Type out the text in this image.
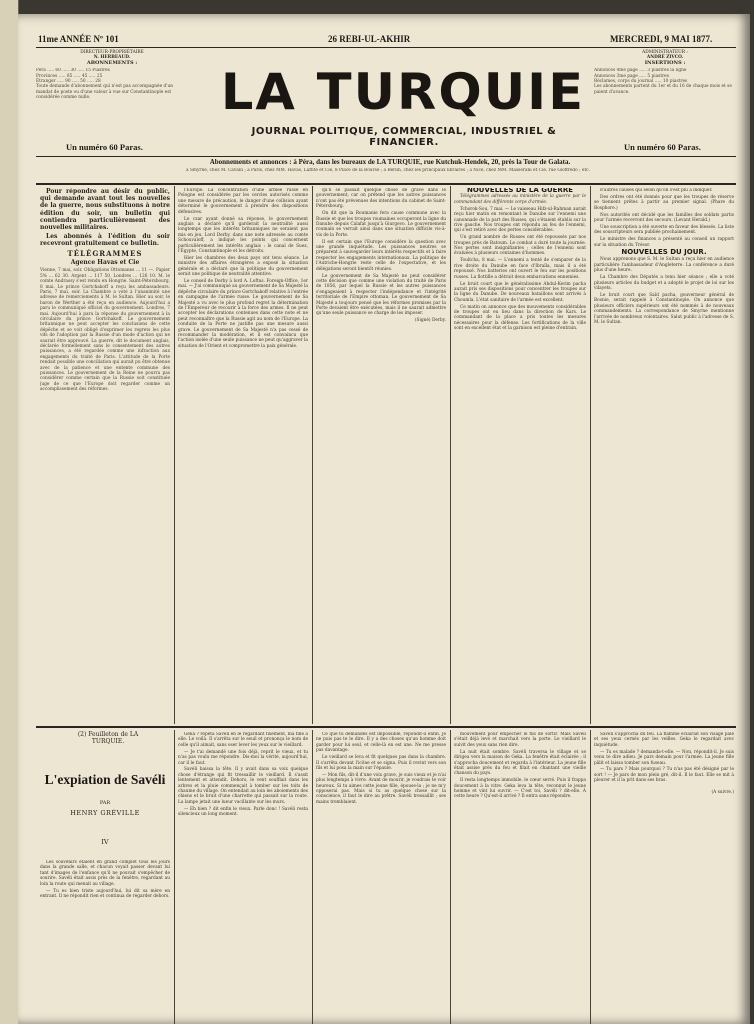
11me ANNÉE Nº 101	26 REBI-UL-AKHIR	MERCREDI, 9 MAI 1877.
DIRECTEUR-PROPRIÉTAIRE
N. HERBEAUD.
ABONNEMENTS :
Péra ..... 60 ..... 30 ..... 15 Piastres
Provinces ..... 85 ..... 45 ..... 25
Étranger ..... 90 ..... 50 ..... 28
Toute demande d'abonnement qui n'est pas accompagnée d'un mandat de poste ou d'une valeur à vue sur Constantinople est considérée comme nulle.
Un numéro 60 Paras.
LA TURQUIE
JOURNAL POLITIQUE, COMMERCIAL, INDUSTRIEL & FINANCIER.
ADMINISTRATEUR :
ANDRÉ ZIVCO.
INSERTIONS :
Annonces 4me page ..... 3 piastres la ligne
Annonces 3me page ..... 5 piastres
Réclames, corps du journal ..... 10 piastres
Les abonnements partent du 1er et du 16 de chaque mois et se paient d'avance.
Un numéro 60 Paras.
Abonnements et annonces : à Péra, dans les bureaux de LA TURQUIE, rue Kutchuk-Hendek, 20, près la Tour de Galata.
à Smyrne, chez M. Cavalli ; à Paris, chez MM. Havas, Laffite et Cie, 8 Place de la Bourse ; à Berlin, chez les principaux libraires ; à Nice, chez MM. Masserani et Cie, rue Gioffredo ; etc.

Pour répondre au désir du public, qui demande avant tout les nouvelles de la guerre, nous substituons à notre édition du soir, un bulletin qui contiendra particulièrement des nouvelles militaires.

Les abonnés à l'édition du soir recevront gratuitement ce bulletin.

TÉLÉGRAMMES
Agence Havas et Cie
Vienne, 7 mai, soir. Obligations Ottomanes ... 11 —. Papier 5% ... 62 30. Argent ... 117 50. Londres ... 126 10. M. le comte Andrassy s'est rendu en Hongrie. Saint-Pétersbourg, 8 mai. Le prince Gortchakoff a reçu les ambassadeurs. Paris, 7 mai, soir. La Chambre a voté à l'unanimité une adresse de remerciements à M. le Sultan. Hier au soir, le baron de Werther a été reçu en audience. Aujourd'hui a paru le communiqué officiel du gouvernement. Londres, 7 mai. Aujourd'hui à paru la réponse du gouvernement à la circulaire du prince Gortchakoff. Le gouvernement britannique ne peut accepter les conclusions de cette dépêche et se voit obligé d'exprimer les regrets les plus vifs de l'adoption par la Russie d'un mode d'action qui ne saurait être approuvé. La guerre, dit le document anglais, déclarée formellement sans le consentement des autres puissances, a été regardée comme une infraction aux engagements du traité de Paris. L'attitude de la Porte rendait possible une conciliation qui aurait pu être obtenue avec de la patience et une entente commune des puissances. Le gouvernement de la Reine ne pourra pas considérer comme certain que la Russie soit constituée juge de ce que l'Europe doit regarder comme un accomplissement des réformes.

l'Europe. La concentration d'une armée russe en Pologne est considérée par les cercles autorisés comme une mesure de précaution, le danger d'une collision ayant déterminé le gouvernement à prendre des dispositions défensives.

Le czar ayant donné sa réponse, le gouvernement anglais a déclaré qu'il garderait la neutralité aussi longtemps que les intérêts britanniques ne seraient pas mis en jeu. Lord Derby, dans une note adressée au comte Schouvaloff, a indiqué les points qui concernent particulièrement les intérêts anglais : le canal de Suez, l'Égypte, Constantinople et les détroits.

Hier les chambres des deux pays ont tenu séance. Le ministre des affaires étrangères a exposé la situation générale et a déclaré que la politique du gouvernement serait une politique de neutralité attentive.

Le conseil de Derby à lord A. Loftus. Foreign-Office, 1er mai. — J'ai communiqué au gouvernement de Sa Majesté la dépêche circulaire du prince Gortchakoff relative à l'entrée en campagne de l'armée russe. Le gouvernement de Sa Majesté a vu avec le plus profond regret la détermination de l'Empereur de recourir à la force des armes. Il ne peut accepter les déclarations contenues dans cette note et ne peut reconnaître que la Russie agit au nom de l'Europe. La conduite de la Porte ne justifie pas une mesure aussi grave. Le gouvernement de Sa Majesté n'a pas cessé de recommander la modération, et il est convaincu que l'action isolée d'une seule puissance ne peut qu'aggraver la situation de l'Orient et compromettre la paix générale.

qu'il se passait quelque chose de grave dans le gouvernement, car on prétend que les autres puissances n'ont pas été prévenues des intentions du cabinet de Saint-Pétersbourg.

On dit que la Roumanie fera cause commune avec la Russie et que les troupes roumaines occuperont la ligne du Danube depuis Calafat jusqu'à Giurgevo. Le gouvernement roumain se verrait ainsi dans une situation difficile vis-à-vis de la Porte.

Il est certain que l'Europe considère la question avec une grande inquiétude. Les puissances neutres se préparent à sauvegarder leurs intérêts respectifs et à faire respecter les engagements internationaux. La politique de l'Autriche-Hongrie reste celle de l'expectative, et les délégations seront bientôt réunies.

Le gouvernement de Sa Majesté ne peut considérer cette décision que comme une violation du traité de Paris de 1856, par lequel la Russie et les autres puissances s'engageaient à respecter l'indépendance et l'intégrité territoriale de l'Empire ottoman. Le gouvernement de Sa Majesté a toujours pensé que les réformes promises par la Porte devaient être exécutées, mais il ne saurait admettre qu'une seule puissance se charge de les imposer.

(Signé) Derby.

NOUVELLES DE LA GUERRE

Télégrammes adressés au ministère de la guerre par le commandant des différents corps d'armée.

Tchorok-Sou, 7 mai. — Le vaisseau Hifz-ul-Rahman aurait reçu hier matin en remontant le Danube sur l'ennemi une canonnade de la part des Russes, qui s'étaient établis sur la rive gauche. Nos troupes ont répondu au feu de l'ennemi, qui s'est retiré avec des pertes considérables.

Un grand nombre de Russes ont été repoussés par nos troupes près de Batoum. Le combat a duré toute la journée. Nos pertes sont insignifiantes ; celles de l'ennemi sont évaluées à plusieurs centaines d'hommes.

Toultcha, 8 mai. — L'ennemi a tenté de s'emparer de la rive droite du Danube en face d'Ibraïla, mais il a été repoussé. Nos batteries ont ouvert le feu sur les positions russes. La flottille a détruit deux embarcations ennemies.

Le bruit court que le généralissime Abdul-Kerim pacha aurait pris ses dispositions pour concentrer les troupes sur la ligne du Danube. De nouveaux bataillons sont arrivés à Choumla. L'état sanitaire de l'armée est excellent.

Ce matin on annonce que des mouvements considérables de troupes ont eu lieu dans la direction de Kars. Le commandant de la place a pris toutes les mesures nécessaires pour la défense. Les fortifications de la ville sont en excellent état et la garnison est pleine d'entrain.

d'autres causes qui selon qu'on s'est plu à indiquer.

Des ordres ont été donnés pour que les troupes de réserve se tiennent prêtes à partir au premier signal. (Phare du Bosphore.)

Nos autorités ont décidé que les familles des soldats partis pour l'armée recevront des secours. (Levant Herald.)

Une souscription a été ouverte en faveur des blessés. La liste des souscripteurs sera publiée prochainement.

Le ministre des finances a présenté au conseil un rapport sur la situation du Trésor.

NOUVELLES DU JOUR.

Nous apprenons que S. M. le Sultan a reçu hier en audience particulière l'ambassadeur d'Angleterre. La conférence a duré plus d'une heure.

La Chambre des Députés a tenu hier séance ; elle a voté plusieurs articles du budget et a adopté le projet de loi sur les vilayets.

Le bruit court que Saïd pacha, gouverneur général de Bosnie, serait rappelé à Constantinople. On annonce que plusieurs officiers supérieurs ont été nommés à de nouveaux commandements. La correspondance de Smyrne mentionne l'arrivée de nombreux volontaires. Salut public à l'adresse de S. M. le Sultan.

(2) Feuilleton de LA TURQUIE.
L'expiation de Savéli
PAR
HENRY GRÉVILLE
IV

Les souvenirs étaient en grand complet tous les jours dans la grande salle, et chacun voyait passer devant lui tant d'images de l'enfance qu'il ne pouvait s'empêcher de sourire. Savéli était assis près de la fenêtre, regardant au loin la route qui menait au village.

— Tu es bien triste aujourd'hui, lui dit sa mère en entrant. Il ne répondit rien et continua de regarder dehors.

Geka ? répéta Savéli en le regardant fixement, ma fille à elle. Le voilà. Il s'arrêta sur le seuil et prononça le nom de celle qu'il aimait, sans oser lever les yeux sur le vieillard.

— Je t'ai demandé une fois déjà, reprit le vieux, et tu n'as pas voulu me répondre. Dis-moi la vérité, aujourd'hui, car il le faut.

Savéli baissa la tête. Il y avait dans sa voix quelque chose d'étrange qui fit tressaillir le vieillard. Il s'assit lentement et attendit. Dehors, le vent soufflait dans les arbres et la pluie commençait à tomber sur les toits de chaume du village. On entendait au loin les aboiements des chiens et le bruit d'une charrette qui passait sur la route. La lampe jetait une lueur vacillante sur les murs.

— Eh bien ? dit enfin le vieux. Parle donc ! Savéli resta silencieux un long moment.

Ce que tu demandes est impossible, répondit-il enfin. Je ne puis pas te le dire. Il y a des choses qu'un homme doit garder pour lui seul, et celle-là en est une. Ne me presse pas davantage.

Le vieillard se leva et fit quelques pas dans la chambre. Il s'arrêta devant l'icône et se signa. Puis il revint vers son fils et lui posa la main sur l'épaule.

— Mon fils, dit-il d'une voix grave, je suis vieux et je n'ai plus longtemps à vivre. Avant de mourir, je voudrais te voir heureux. Si tu aimes cette jeune fille, épouse-la ; je ne m'y opposerai pas. Mais si tu as quelque chose sur la conscience, il faut le dire au prêtre. Savéli tressaillit ; ses mains tremblaient.

mouvement pour empêcher le fils de sortir. Mais Savéli s'était déjà levé et marchait vers la porte. Le vieillard le suivit des yeux sans rien dire.

La nuit était sombre. Savéli traversa le village et se dirigea vers la maison de Geka. La fenêtre était éclairée ; il s'approcha doucement et regarda à l'intérieur. La jeune fille était assise près du feu et filait en chantant une vieille chanson du pays.

Il resta longtemps immobile, le cœur serré. Puis il frappa doucement à la vitre. Geka leva la tête, reconnut le jeune homme et vint lui ouvrir. — C'est toi, Savéli ? dit-elle. À cette heure ? Qu'est-il arrivé ? Il entra sans répondre.

Savéli s'approcha du feu. La flamme éclairait son visage pâle et ses yeux cernés par les veilles. Geka le regardait avec inquiétude.

— Tu es malade ? demanda-t-elle. — Non, répondit-il. Je suis venu te dire adieu. Je pars demain pour l'armée. La jeune fille pâlit et laissa tomber son fuseau.

— Tu pars ? Mais pourquoi ? Tu n'as pas été désigné par le sort ! — Je pars de mon plein gré, dit-il. Il le faut. Elle se mit à pleurer et il la prit dans ses bras.

(A suivre.)
